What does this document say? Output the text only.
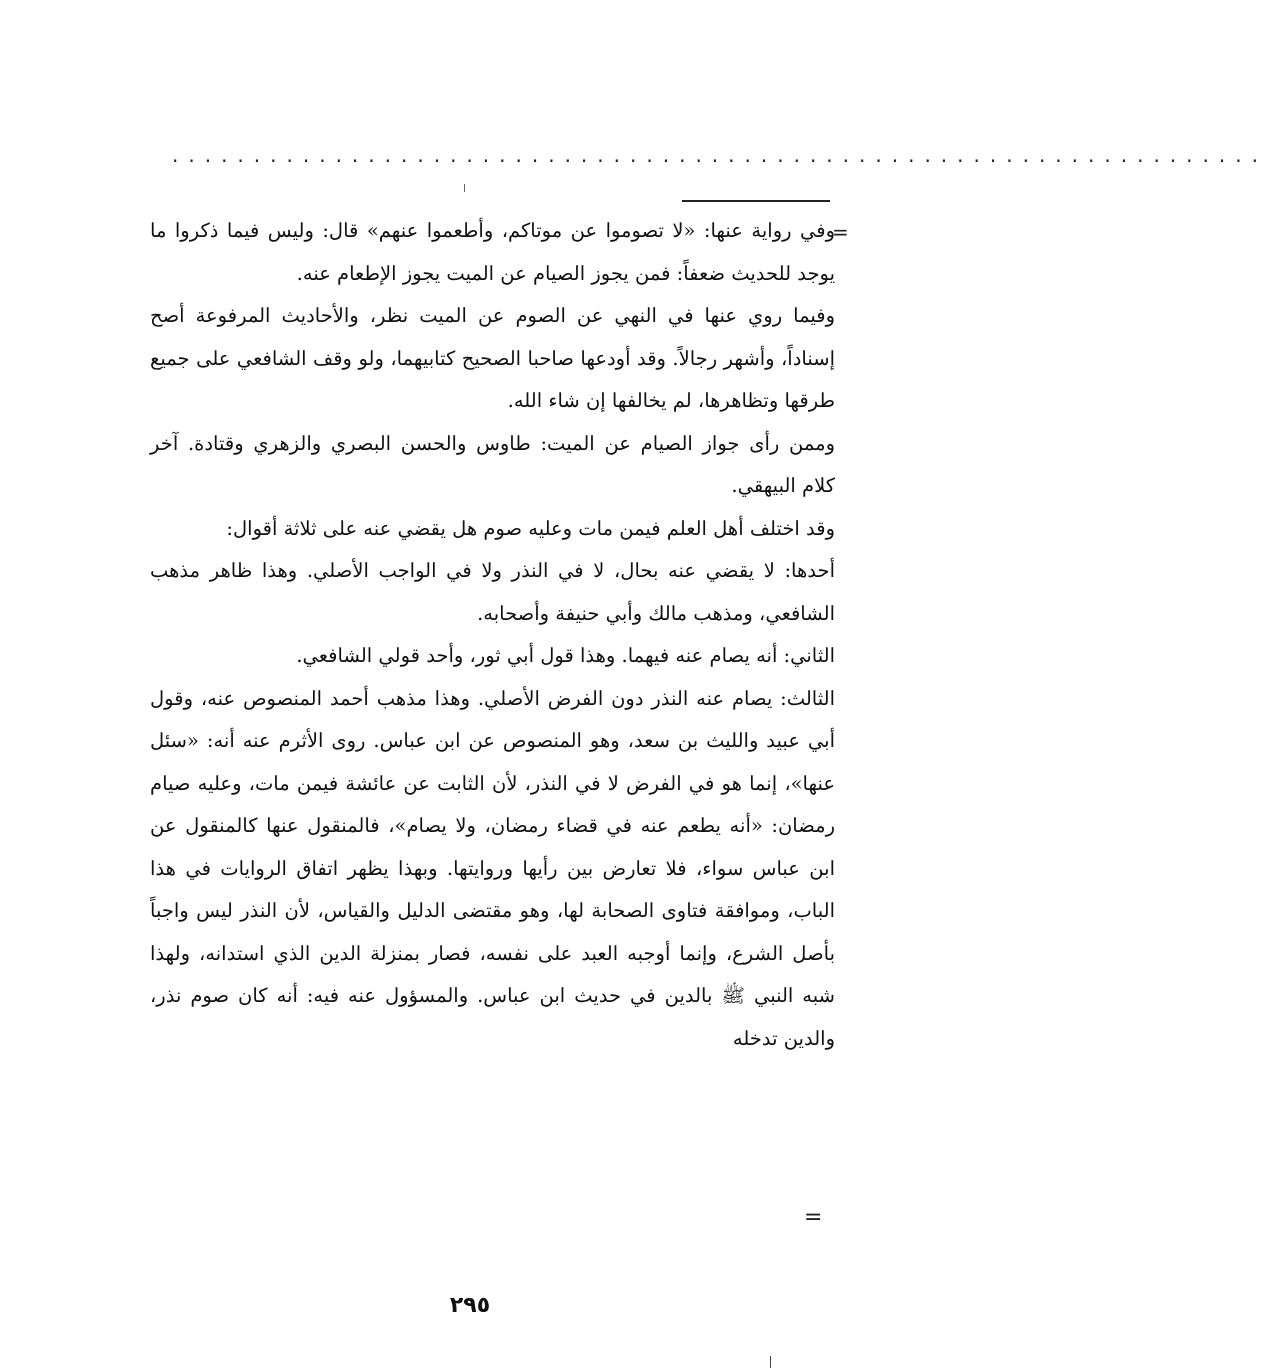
...................................................................
=
=

وفي رواية عنها: «لا تصوموا عن موتاكم، وأطعموا عنهم» قال: وليس فيما ذكروا ما يوجد للحديث ضعفاً: فمن يجوز الصيام عن الميت يجوز الإطعام عنه.

وفيما روي عنها في النهي عن الصوم عن الميت نظر، والأحاديث المرفوعة أصح إسناداً، وأشهر رجالاً. وقد أودعها صاحبا الصحيح كتابيهما، ولو وقف الشافعي على جميع طرقها وتظاهرها، لم يخالفها إن شاء الله.

وممن رأى جواز الصيام عن الميت: طاوس والحسن البصري والزهري وقتادة. آخر كلام البيهقي.

وقد اختلف أهل العلم فيمن مات وعليه صوم هل يقضي عنه على ثلاثة أقوال:

أحدها: لا يقضي عنه بحال، لا في النذر ولا في الواجب الأصلي. وهذا ظاهر مذهب الشافعي، ومذهب مالك وأبي حنيفة وأصحابه.

الثاني: أنه يصام عنه فيهما. وهذا قول أبي ثور، وأحد قولي الشافعي.

الثالث: يصام عنه النذر دون الفرض الأصلي. وهذا مذهب أحمد المنصوص عنه، وقول أبي عبيد والليث بن سعد، وهو المنصوص عن ابن عباس. روى الأثرم عنه أنه: «سئل عنها»، إنما هو في الفرض لا في النذر، لأن الثابت عن عائشة فيمن مات، وعليه صيام رمضان: «أنه يطعم عنه في قضاء رمضان، ولا يصام»، فالمنقول عنها كالمنقول عن ابن عباس سواء، فلا تعارض بين رأيها وروايتها. وبهذا يظهر اتفاق الروايات في هذا الباب، وموافقة فتاوى الصحابة لها، وهو مقتضى الدليل والقياس، لأن النذر ليس واجباً بأصل الشرع، وإنما أوجبه العبد على نفسه، فصار بمنزلة الدين الذي استدانه، ولهذا شبه النبي ﷺ بالدين في حديث ابن عباس. والمسؤول عنه فيه: أنه كان صوم نذر، والدين تدخله

٢٩٥
